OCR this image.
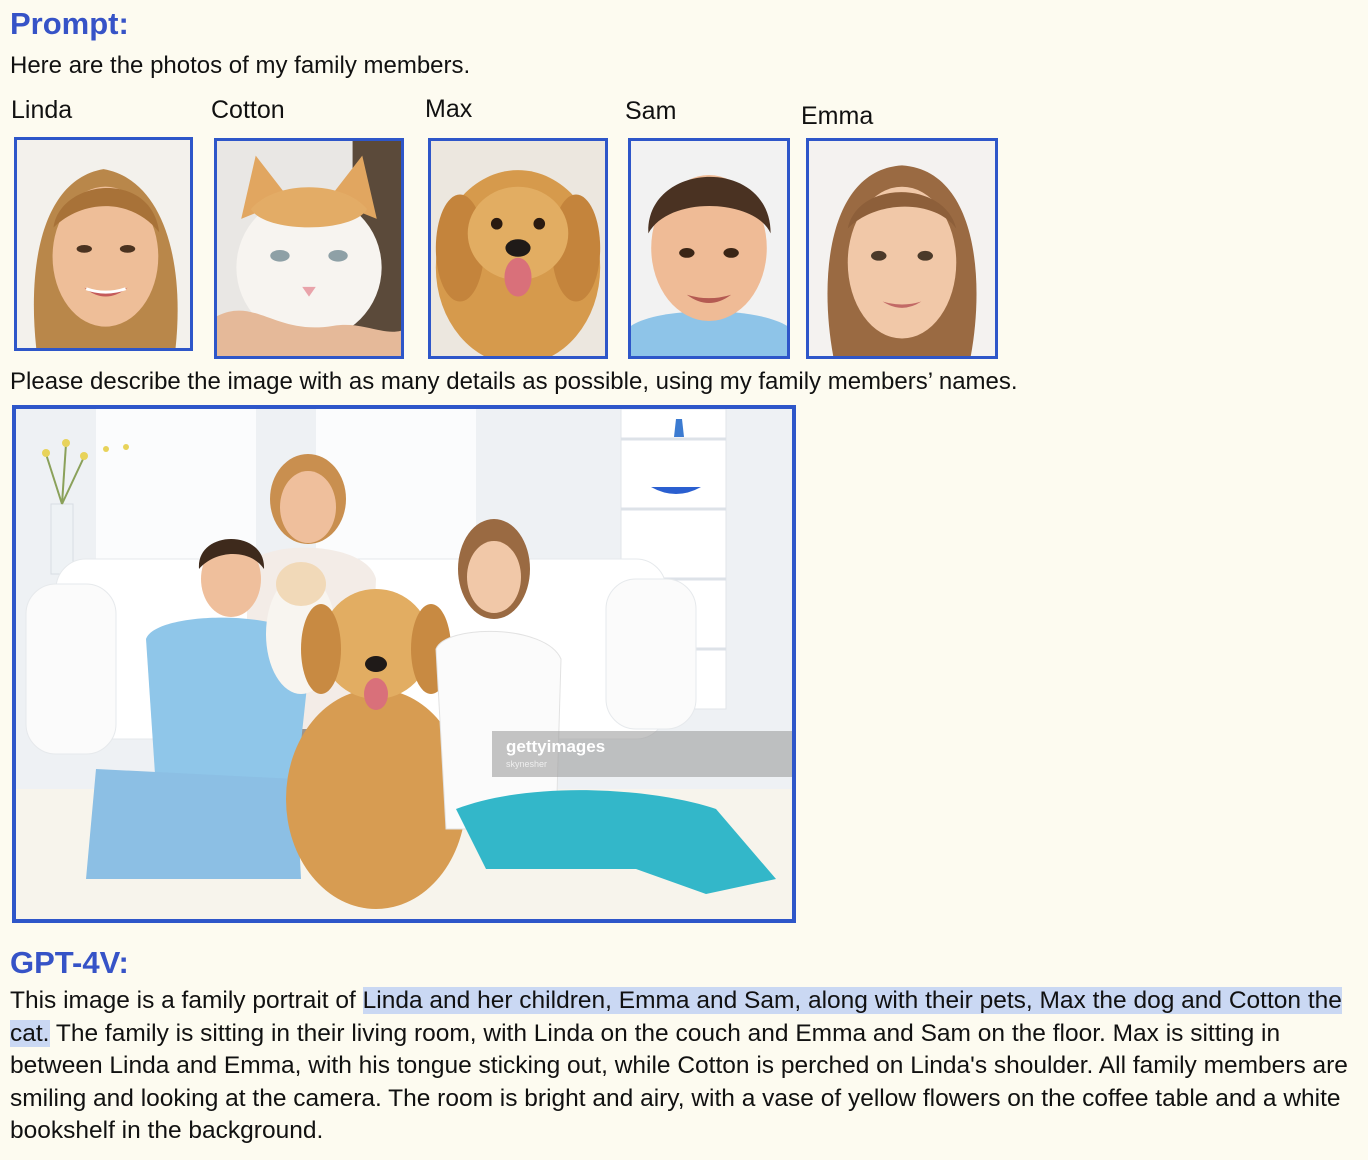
Prompt:
Here are the photos of my family members.
Linda	Cotton	Max	Sam	Emma
Please describe the image with as many details as possible, using my family members’ names.
gettyimages
skynesher
GPT-4V:
This image is a family portrait of Linda and her children, Emma and Sam, along with their pets, Max the dog and Cotton the cat. The family is sitting in their living room, with Linda on the couch and Emma and Sam on the floor. Max is sitting in between Linda and Emma, with his tongue sticking out, while Cotton is perched on Linda's shoulder. All family members are smiling and looking at the camera. The room is bright and airy, with a vase of yellow flowers on the coffee table and a white bookshelf in the background.
